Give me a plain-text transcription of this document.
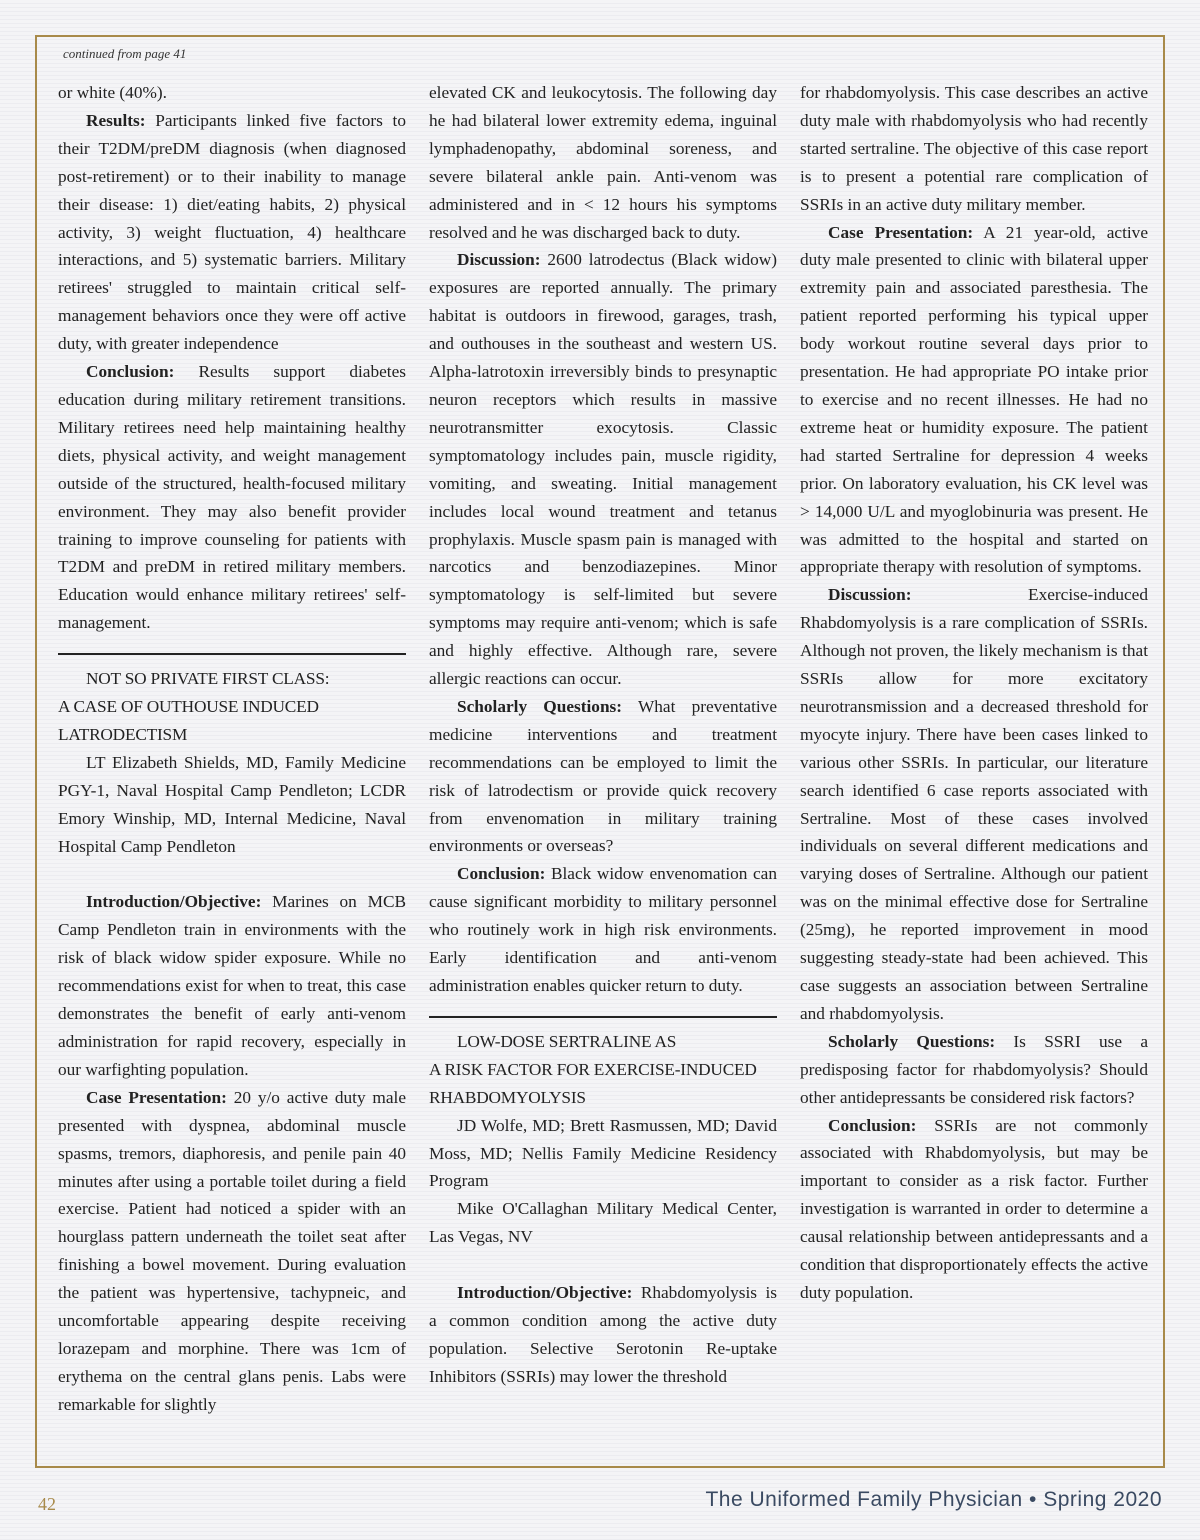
continued from page 41

or white (40%).

Results: Participants linked five factors to their T2DM/preDM diagnosis (when diagnosed post-retirement) or to their inability to manage their disease: 1) diet/eating habits, 2) physical activity, 3) weight fluctuation, 4) healthcare interactions, and 5) systematic barriers. Military retirees' struggled to maintain critical self-management behaviors once they were off active duty, with greater independence

Conclusion: Results support diabetes education during military retirement transitions. Military retirees need help maintaining healthy diets, physical activity, and weight management outside of the structured, health-focused military environment. They may also benefit provider training to improve counseling for patients with T2DM and preDM in retired military members. Education would enhance military retirees' self-management.

NOT SO PRIVATE FIRST CLASS:

A CASE OF OUTHOUSE INDUCED LATRODECTISM

LT Elizabeth Shields, MD, Family Medicine PGY-1, Naval Hospital Camp Pendleton; LCDR Emory Winship, MD, Internal Medicine, Naval Hospital Camp Pendleton

Introduction/Objective: Marines on MCB Camp Pendleton train in environments with the risk of black widow spider exposure. While no recommendations exist for when to treat, this case demonstrates the benefit of early anti-venom administration for rapid recovery, especially in our warfighting population.

Case Presentation: 20 y/o active duty male presented with dyspnea, abdominal muscle spasms, tremors, diaphoresis, and penile pain 40 minutes after using a portable toilet during a field exercise. Patient had noticed a spider with an hourglass pattern underneath the toilet seat after finishing a bowel movement. During evaluation the patient was hypertensive, tachypneic, and uncomfortable appearing despite receiving lorazepam and morphine. There was 1cm of erythema on the central glans penis. Labs were remarkable for slightly

elevated CK and leukocytosis. The following day he had bilateral lower extremity edema, inguinal lymphadenopathy, abdominal soreness, and severe bilateral ankle pain. Anti-venom was administered and in < 12 hours his symptoms resolved and he was discharged back to duty.

Discussion: 2600 latrodectus (Black widow) exposures are reported annually. The primary habitat is outdoors in firewood, garages, trash, and outhouses in the southeast and western US. Alpha-latrotoxin irreversibly binds to presynaptic neuron receptors which results in massive neurotransmitter exocytosis. Classic symptomatology includes pain, muscle rigidity, vomiting, and sweating. Initial management includes local wound treatment and tetanus prophylaxis. Muscle spasm pain is managed with narcotics and benzodiazepines. Minor symptomatology is self-limited but severe symptoms may require anti-venom; which is safe and highly effective. Although rare, severe allergic reactions can occur.

Scholarly Questions: What preventative medicine interventions and treatment recommendations can be employed to limit the risk of latrodectism or provide quick recovery from envenomation in military training environments or overseas?

Conclusion: Black widow envenomation can cause significant morbidity to military personnel who routinely work in high risk environments. Early identification and anti-venom administration enables quicker return to duty.

LOW-DOSE SERTRALINE AS

A RISK FACTOR FOR EXERCISE-INDUCED RHABDOMYOLYSIS

JD Wolfe, MD; Brett Rasmussen, MD; David Moss, MD; Nellis Family Medicine Residency Program

Mike O'Callaghan Military Medical Center, Las Vegas, NV

Introduction/Objective: Rhabdomyolysis is a common condition among the active duty population. Selective Serotonin Re-uptake Inhibitors (SSRIs) may lower the threshold

for rhabdomyolysis. This case describes an active duty male with rhabdomyolysis who had recently started sertraline. The objective of this case report is to present a potential rare complication of SSRIs in an active duty military member.

Case Presentation: A 21 year-old, active duty male presented to clinic with bilateral upper extremity pain and associated paresthesia. The patient reported performing his typical upper body workout routine several days prior to presentation. He had appropriate PO intake prior to exercise and no recent illnesses. He had no extreme heat or humidity exposure. The patient had started Sertraline for depression 4 weeks prior. On laboratory evaluation, his CK level was > 14,000 U/L and myoglobinuria was present. He was admitted to the hospital and started on appropriate therapy with resolution of symptoms.

Discussion: Exercise-induced Rhabdomyolysis is a rare complication of SSRIs. Although not proven, the likely mechanism is that SSRIs allow for more excitatory neurotransmission and a decreased threshold for myocyte injury. There have been cases linked to various other SSRIs. In particular, our literature search identified 6 case reports associated with Sertraline. Most of these cases involved individuals on several different medications and varying doses of Sertraline. Although our patient was on the minimal effective dose for Sertraline (25mg), he reported improvement in mood suggesting steady-state had been achieved. This case suggests an association between Sertraline and rhabdomyolysis.

Scholarly Questions: Is SSRI use a predisposing factor for rhabdomyolysis? Should other antidepressants be considered risk factors?

Conclusion: SSRIs are not commonly associated with Rhabdomyolysis, but may be important to consider as a risk factor. Further investigation is warranted in order to determine a causal relationship between antidepressants and a condition that disproportionately effects the active duty population.

42	The Uniformed Family Physician • Spring 2020
